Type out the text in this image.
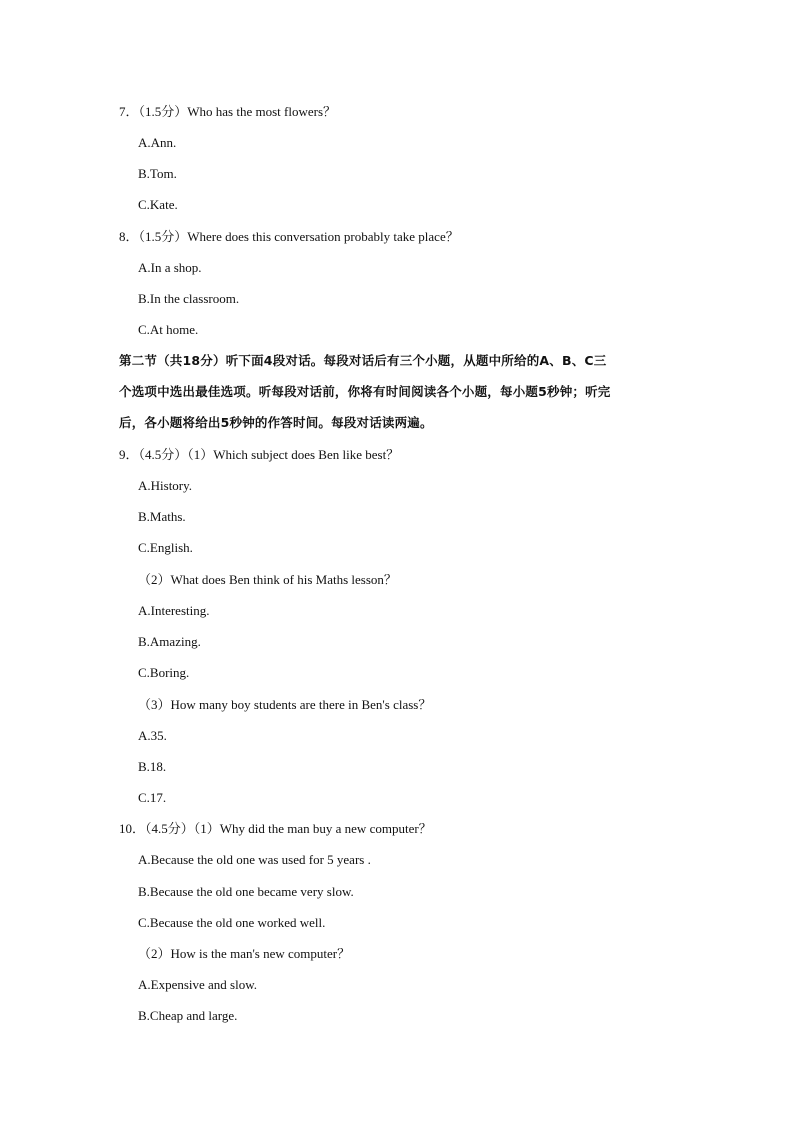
7．（1.5分）Who has the most flowers？
A.Ann.
B.Tom.
C.Kate.
8．（1.5分）Where does this conversation probably take place？
A.In a shop.
B.In the classroom.
C.At home.
第二节（共18分）听下面4段对话。每段对话后有三个小题，从题中所给的A、B、C三
个选项中选出最佳选项。听每段对话前，你将有时间阅读各个小题，每小题5秒钟；听完
后，各小题将给出5秒钟的作答时间。每段对话读两遍。
9．（4.5分）（1）Which subject does Ben like best？
A.History.
B.Maths.
C.English.
（2）What does Ben think of his Maths lesson？
A.Interesting.
B.Amazing.
C.Boring.
（3）How many boy students are there in Ben's class？
A.35.
B.18.
C.17.
10．（4.5分）（1）Why did the man buy a new computer？
A.Because the old one was used for 5 years .
B.Because the old one became very slow.
C.Because the old one worked well.
（2）How is the man's new computer？
A.Expensive and slow.
B.Cheap and large.
